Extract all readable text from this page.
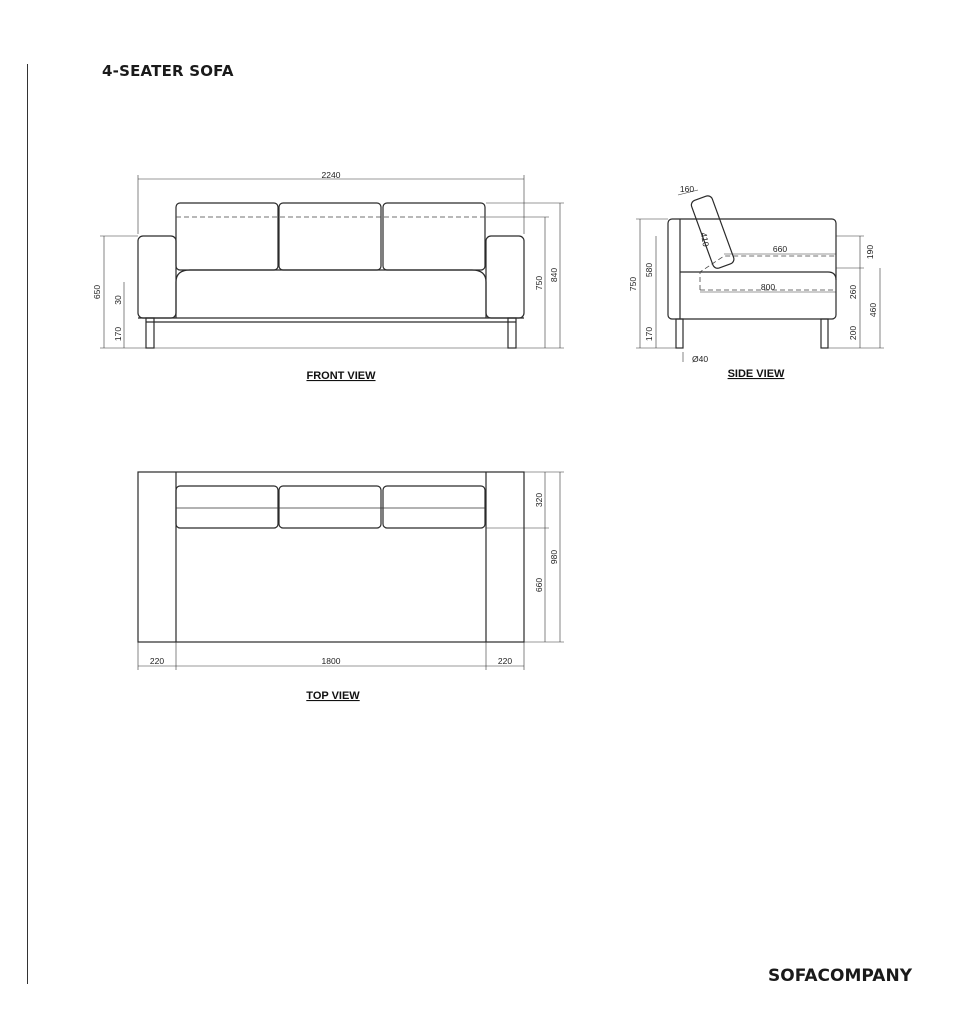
4-SEATER SOFA
SOFACOMPANY
2240
650
30
170
750
840
FRONT VIEW
160
410
660
800
750
580
170
Ø40
190
260
460
200
SIDE VIEW
320
980
660
220	1800	220
TOP VIEW
